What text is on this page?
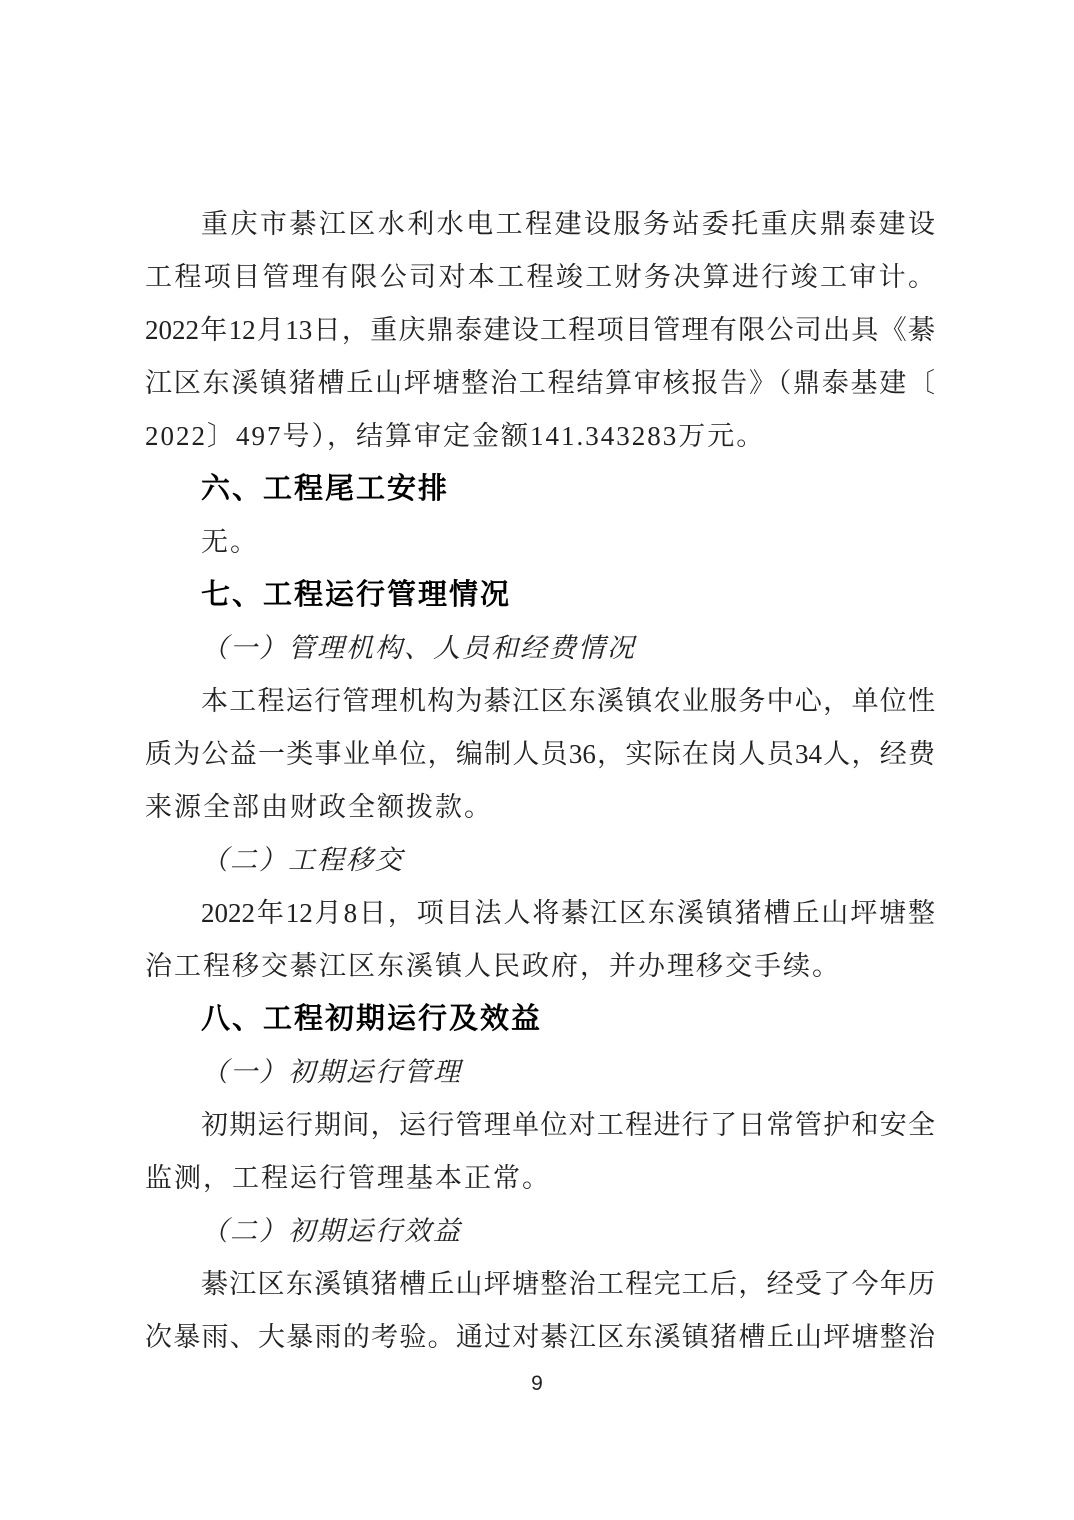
重庆市綦江区水利水电工程建设服务站委托重庆鼎泰建设
工程项目管理有限公司对本工程竣工财务决算进行竣工审计。
2022年12月13日，重庆鼎泰建设工程项目管理有限公司出具《綦
江区东溪镇猪槽丘山坪塘整治工程结算审核报告》（鼎泰基建〔
2022〕497号），结算审定金额141.343283万元。
六、工程尾工安排
无。
七、工程运行管理情况
（一）管理机构、人员和经费情况
本工程运行管理机构为綦江区东溪镇农业服务中心，单位性
质为公益一类事业单位，编制人员36，实际在岗人员34人，经费
来源全部由财政全额拨款。
（二）工程移交
2022年12月8日，项目法人将綦江区东溪镇猪槽丘山坪塘整
治工程移交綦江区东溪镇人民政府，并办理移交手续。
八、工程初期运行及效益
（一）初期运行管理
初期运行期间，运行管理单位对工程进行了日常管护和安全
监测，工程运行管理基本正常。
（二）初期运行效益
綦江区东溪镇猪槽丘山坪塘整治工程完工后，经受了今年历
次暴雨、大暴雨的考验。通过对綦江区东溪镇猪槽丘山坪塘整治
9
